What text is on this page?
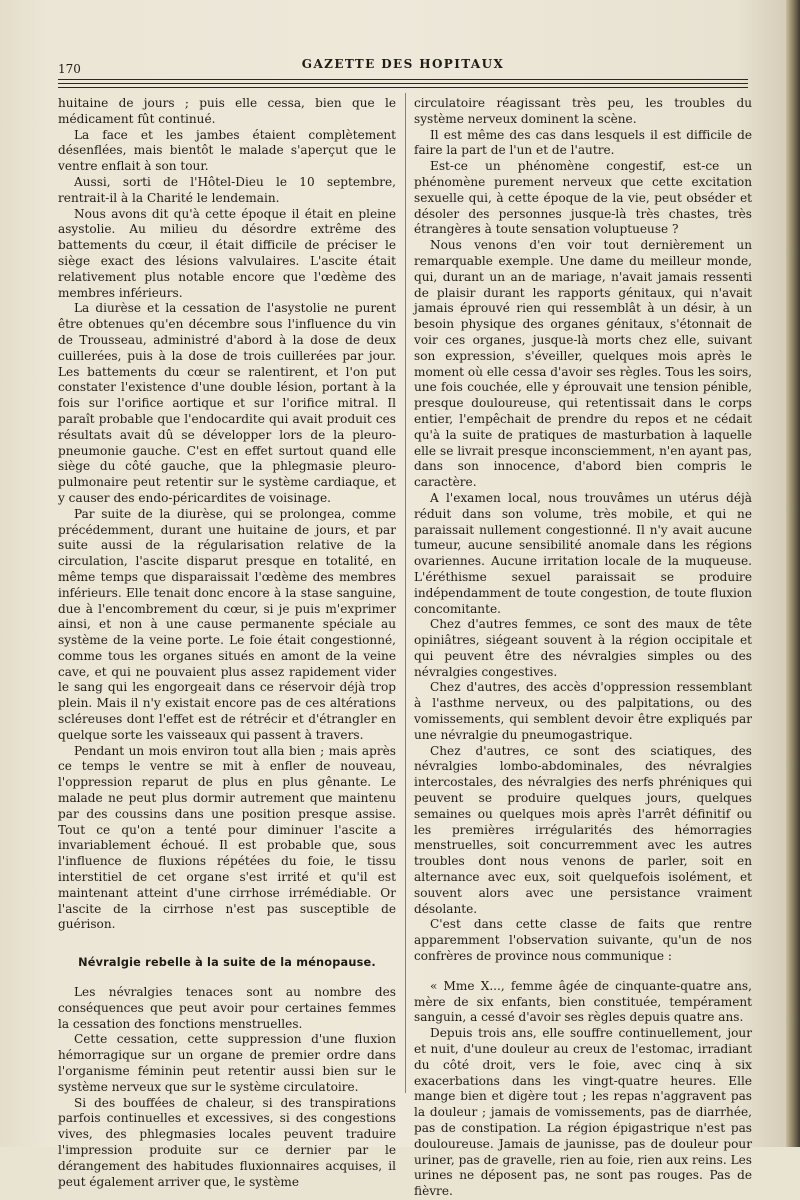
170	GAZETTE DES HOPITAUX

huitaine de jours ; puis elle cessa, bien que le médicament fût continué.

La face et les jambes étaient complètement désenflées, mais bientôt le malade s'aperçut que le ventre enflait à son tour.

Aussi, sorti de l'Hôtel-Dieu le 10 septembre, rentrait-il à la Charité le lendemain.

Nous avons dit qu'à cette époque il était en pleine asystolie. Au milieu du désordre extrême des battements du cœur, il était difficile de préciser le siège exact des lésions valvulaires. L'ascite était relativement plus notable encore que l'œdème des membres inférieurs.

La diurèse et la cessation de l'asystolie ne purent être obtenues qu'en décembre sous l'influence du vin de Trousseau, administré d'abord à la dose de deux cuillerées, puis à la dose de trois cuillerées par jour. Les battements du cœur se ralentirent, et l'on put constater l'existence d'une double lésion, portant à la fois sur l'orifice aortique et sur l'orifice mitral. Il paraît probable que l'endocardite qui avait produit ces résultats avait dû se développer lors de la pleuro-pneumonie gauche. C'est en effet surtout quand elle siège du côté gauche, que la phlegmasie pleuro-pulmonaire peut retentir sur le système cardiaque, et y causer des endo-péricardites de voisinage.

Par suite de la diurèse, qui se prolongea, comme précédemment, durant une huitaine de jours, et par suite aussi de la régularisation relative de la circulation, l'ascite disparut presque en totalité, en même temps que disparaissait l'œdème des membres inférieurs. Elle tenait donc encore à la stase sanguine, due à l'encombrement du cœur, si je puis m'exprimer ainsi, et non à une cause permanente spéciale au système de la veine porte. Le foie était congestionné, comme tous les organes situés en amont de la veine cave, et qui ne pouvaient plus assez rapidement vider le sang qui les engorgeait dans ce réservoir déjà trop plein. Mais il n'y existait encore pas de ces altérations scléreuses dont l'effet est de rétrécir et d'étrangler en quelque sorte les vaisseaux qui passent à travers.

Pendant un mois environ tout alla bien ; mais après ce temps le ventre se mit à enfler de nouveau, l'oppression reparut de plus en plus gênante. Le malade ne peut plus dormir autrement que maintenu par des coussins dans une position presque assise. Tout ce qu'on a tenté pour diminuer l'ascite a invariablement échoué. Il est probable que, sous l'influence de fluxions répétées du foie, le tissu interstitiel de cet organe s'est irrité et qu'il est maintenant atteint d'une cirrhose irrémédiable. Or l'ascite de la cirrhose n'est pas susceptible de guérison.

Névralgie rebelle à la suite de la ménopause.

Les névralgies tenaces sont au nombre des conséquences que peut avoir pour certaines femmes la cessation des fonctions menstruelles.

Cette cessation, cette suppression d'une fluxion hémorragique sur un organe de premier ordre dans l'organisme féminin peut retentir aussi bien sur le système nerveux que sur le système circulatoire.

Si des bouffées de chaleur, si des transpirations parfois continuelles et excessives, si des congestions vives, des phlegmasies locales peuvent traduire l'impression produite sur ce dernier par le dérangement des habitudes fluxionnaires acquises, il peut également arriver que, le système

circulatoire réagissant très peu, les troubles du système nerveux dominent la scène.

Il est même des cas dans lesquels il est difficile de faire la part de l'un et de l'autre.

Est-ce un phénomène congestif, est-ce un phénomène purement nerveux que cette excitation sexuelle qui, à cette époque de la vie, peut obséder et désoler des personnes jusque-là très chastes, très étrangères à toute sensation voluptueuse ?

Nous venons d'en voir tout dernièrement un remarquable exemple. Une dame du meilleur monde, qui, durant un an de mariage, n'avait jamais ressenti de plaisir durant les rapports génitaux, qui n'avait jamais éprouvé rien qui ressemblât à un désir, à un besoin physique des organes génitaux, s'étonnait de voir ces organes, jusque-là morts chez elle, suivant son expression, s'éveiller, quelques mois après le moment où elle cessa d'avoir ses règles. Tous les soirs, une fois couchée, elle y éprouvait une tension pénible, presque douloureuse, qui retentissait dans le corps entier, l'empêchait de prendre du repos et ne cédait qu'à la suite de pratiques de masturbation à laquelle elle se livrait presque inconsciemment, n'en ayant pas, dans son innocence, d'abord bien compris le caractère.

A l'examen local, nous trouvâmes un utérus déjà réduit dans son volume, très mobile, et qui ne paraissait nullement congestionné. Il n'y avait aucune tumeur, aucune sensibilité anomale dans les régions ovariennes. Aucune irritation locale de la muqueuse. L'éréthisme sexuel paraissait se produire indépendamment de toute congestion, de toute fluxion concomitante.

Chez d'autres femmes, ce sont des maux de tête opiniâtres, siégeant souvent à la région occipitale et qui peuvent être des névralgies simples ou des névralgies congestives.

Chez d'autres, des accès d'oppression ressemblant à l'asthme nerveux, ou des palpitations, ou des vomissements, qui semblent devoir être expliqués par une névralgie du pneumogastrique.

Chez d'autres, ce sont des sciatiques, des névralgies lombo-abdominales, des névralgies intercostales, des névralgies des nerfs phréniques qui peuvent se produire quelques jours, quelques semaines ou quelques mois après l'arrêt définitif ou les premières irrégularités des hémorragies menstruelles, soit concurremment avec les autres troubles dont nous venons de parler, soit en alternance avec eux, soit quelquefois isolément, et souvent alors avec une persistance vraiment désolante.

C'est dans cette classe de faits que rentre apparemment l'observation suivante, qu'un de nos confrères de province nous communique :

« Mme X..., femme âgée de cinquante-quatre ans, mère de six enfants, bien constituée, tempérament sanguin, a cessé d'avoir ses règles depuis quatre ans.

Depuis trois ans, elle souffre continuellement, jour et nuit, d'une douleur au creux de l'estomac, irradiant du côté droit, vers le foie, avec cinq à six exacerbations dans les vingt-quatre heures. Elle mange bien et digère tout ; les repas n'aggravent pas la douleur ; jamais de vomissements, pas de diarrhée, pas de constipation. La région épigastrique n'est pas douloureuse. Jamais de jaunisse, pas de douleur pour uriner, pas de gravelle, rien au foie, rien aux reins. Les urines ne déposent pas, ne sont pas rouges. Pas de fièvre.
